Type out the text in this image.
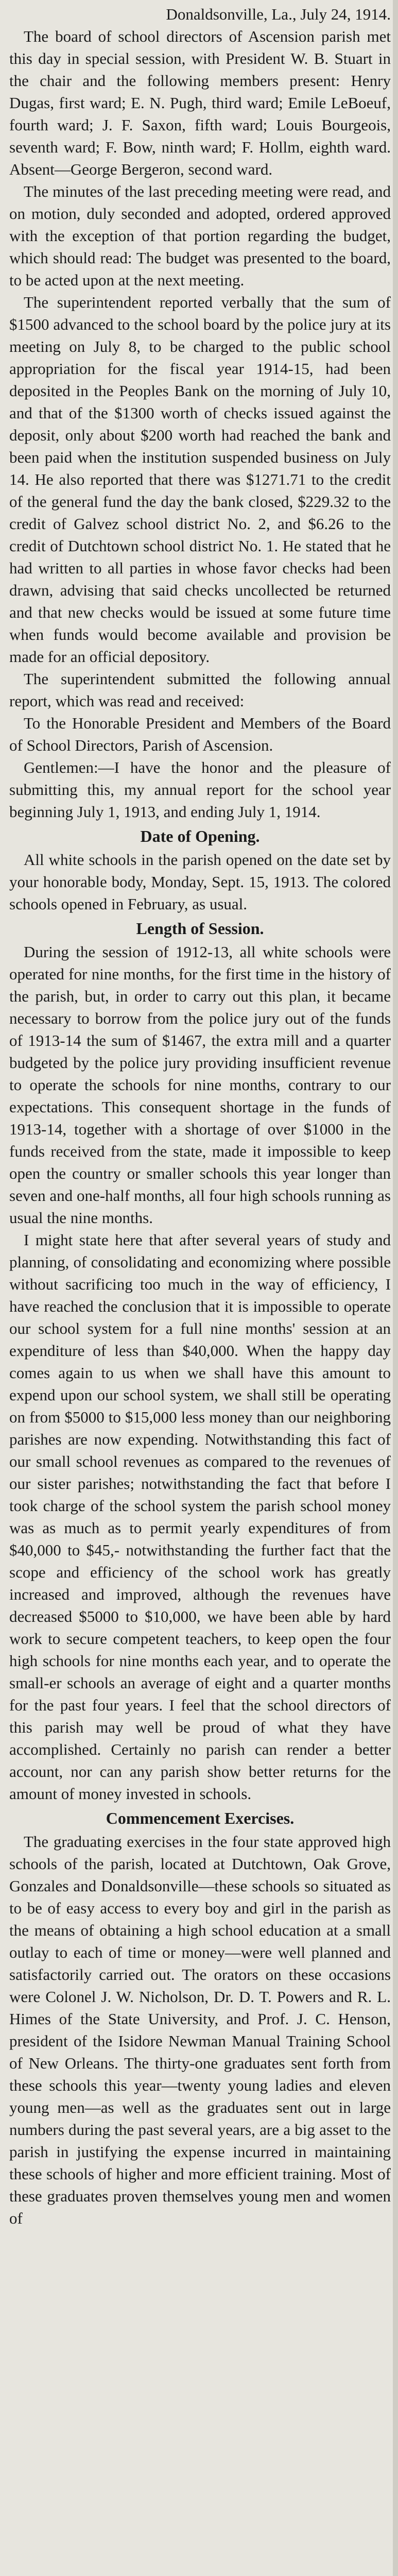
Donaldsonville, La., July 24, 1914.

The board of school directors of Ascension parish met this day in special session, with President W. B. Stuart in the chair and the following members present: Henry Dugas, first ward; E. N. Pugh, third ward; Emile LeBoeuf, fourth ward; J. F. Saxon, fifth ward; Louis Bourgeois, seventh ward; F. Bow, ninth ward; F. Hollm, eighth ward. Absent—George Bergeron, second ward.

The minutes of the last preceding meeting were read, and on motion, duly seconded and adopted, ordered approved with the exception of that portion regarding the budget, which should read: The budget was presented to the board, to be acted upon at the next meeting.

The superintendent reported verbally that the sum of $1500 advanced to the school board by the police jury at its meeting on July 8, to be charged to the public school appropriation for the fiscal year 1914-15, had been deposited in the Peoples Bank on the morning of July 10, and that of the $1300 worth of checks issued against the deposit, only about $200 worth had reached the bank and been paid when the institution suspended business on July 14. He also reported that there was $1271.71 to the credit of the general fund the day the bank closed, $229.32 to the credit of Galvez school district No. 2, and $6.26 to the credit of Dutchtown school district No. 1. He stated that he had written to all parties in whose favor checks had been drawn, advising that said checks uncollected be returned and that new checks would be issued at some future time when funds would become available and provision be made for an official depository.

The superintendent submitted the following annual report, which was read and received:

To the Honorable President and Members of the Board of School Directors, Parish of Ascension.

Gentlemen:—I have the honor and the pleasure of submitting this, my annual report for the school year beginning July 1, 1913, and ending July 1, 1914.

Date of Opening.

All white schools in the parish opened on the date set by your honorable body, Monday, Sept. 15, 1913. The colored schools opened in February, as usual.

Length of Session.

During the session of 1912-13, all white schools were operated for nine months, for the first time in the history of the parish, but, in order to carry out this plan, it became necessary to borrow from the police jury out of the funds of 1913-14 the sum of $1467, the extra mill and a quarter budgeted by the police jury providing insufficient revenue to operate the schools for nine months, contrary to our expectations. This consequent shortage in the funds of 1913-14, together with a shortage of over $1000 in the funds received from the state, made it impossible to keep open the country or smaller schools this year longer than seven and one-half months, all four high schools running as usual the nine months.

I might state here that after several years of study and planning, of consolidating and economizing where possible without sacrificing too much in the way of efficiency, I have reached the conclusion that it is impossible to operate our school system for a full nine months' session at an expenditure of less than $40,000. When the happy day comes again to us when we shall have this amount to expend upon our school system, we shall still be operating on from $5000 to $15,000 less money than our neighboring parishes are now expending. Notwithstanding this fact of our small school revenues as compared to the revenues of our sister parishes; notwithstanding the fact that before I took charge of the school system the parish school money was as much as to permit yearly expenditures of from $40,000 to $45,- notwithstanding the further fact that the scope and efficiency of the school work has greatly increased and improved, although the revenues have decreased $5000 to $10,000, we have been able by hard work to secure competent teachers, to keep open the four high schools for nine months each year, and to operate the small-er schools an average of eight and a quarter months for the past four years. I feel that the school directors of this parish may well be proud of what they have accomplished. Certainly no parish can render a better account, nor can any parish show better returns for the amount of money invested in schools.

Commencement Exercises.

The graduating exercises in the four state approved high schools of the parish, located at Dutchtown, Oak Grove, Gonzales and Donaldsonville—these schools so situated as to be of easy access to every boy and girl in the parish as the means of obtaining a high school education at a small outlay to each of time or money—were well planned and satisfactorily carried out. The orators on these occasions were Colonel J. W. Nicholson, Dr. D. T. Powers and R. L. Himes of the State University, and Prof. J. C. Henson, president of the Isidore Newman Manual Training School of New Orleans. The thirty-one graduates sent forth from these schools this year—twenty young ladies and eleven young men—as well as the graduates sent out in large numbers during the past several years, are a big asset to the parish in justifying the expense incurred in maintaining these schools of higher and more efficient training. Most of these graduates proven themselves young men and women of
